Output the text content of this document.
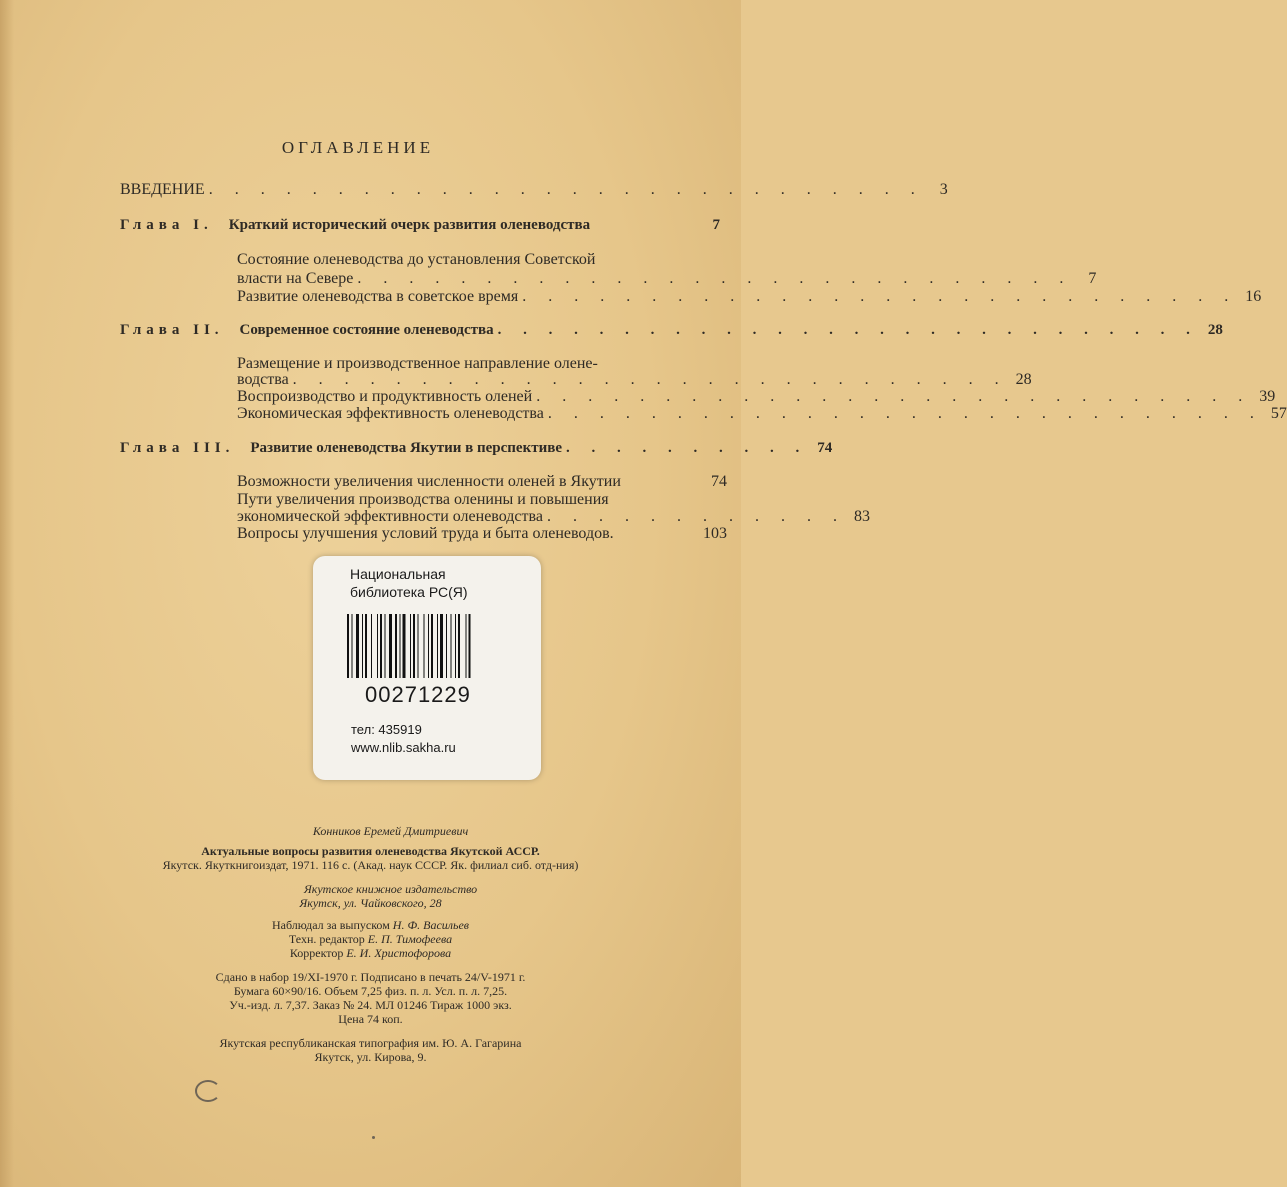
ОГЛАВЛЕНИЕ
ВВЕДЕНИЕ . . . . . . . . . . . . . . . . . . . . . . . . . . . .	3
Глава I. Краткий исторический очерк развития оленеводства	7
Состояние оленеводства до установления Советской
власти на Севере . . . . . . . . . . . . . . . . . . . . . . . . . . . .	7
Развитие оленеводства в советское время . . . . . . . . . . . . . . . . . . . . . . . . . . . . 16
Глава II. Современное состояние оленеводства . . . . . . . . . . . . . . . . . . . . . . . . . . . . 28
Размещение и производственное направление олене-
водства . . . . . . . . . . . . . . . . . . . . . . . . . . . . 28
Воспроизводство и продуктивность оленей . . . . . . . . . . . . . . . . . . . . . . . . . . . . 39
Экономическая эффективность оленеводства . . . . . . . . . . . . . . . . . . . . . . . . . . . . 57
Глава III. Развитие оленеводства Якутии в перспективе . . . . . . . . . . 74
Возможности увеличения численности оленей в Якутии	74
Пути увеличения производства оленины и повышения
экономической эффективности оленеводства . . . . . . . . . . . . 83
Вопросы улучшения условий труда и быта оленеводов.	103
Национальная
библиотека РС(Я)
00271229
тел: 435919
www.nlib.sakha.ru
Конников Еремей Дмитриевич
Актуальные вопросы развития оленеводства Якутской АССР.
Якутск. Якуткнигоиздат, 1971. 116 с. (Акад. наук СССР. Як. филиал сиб. отд-ния)
Якутское книжное издательство
Якутск, ул. Чайковского, 28
Наблюдал за выпуском Н. Ф. Васильев
Техн. редактор Е. П. Тимофеева
Корректор Е. И. Христофорова
Сдано в набор 19/XI-1970 г. Подписано в печать 24/V-1971 г.
Бумага 60×90/16. Объем 7,25 физ. п. л. Усл. п. л. 7,25.
Уч.-изд. л. 7,37. Заказ № 24. МЛ 01246 Тираж 1000 экз.
Цена 74 коп.
Якутская республиканская типография им. Ю. А. Гагарина
Якутск, ул. Кирова, 9.
